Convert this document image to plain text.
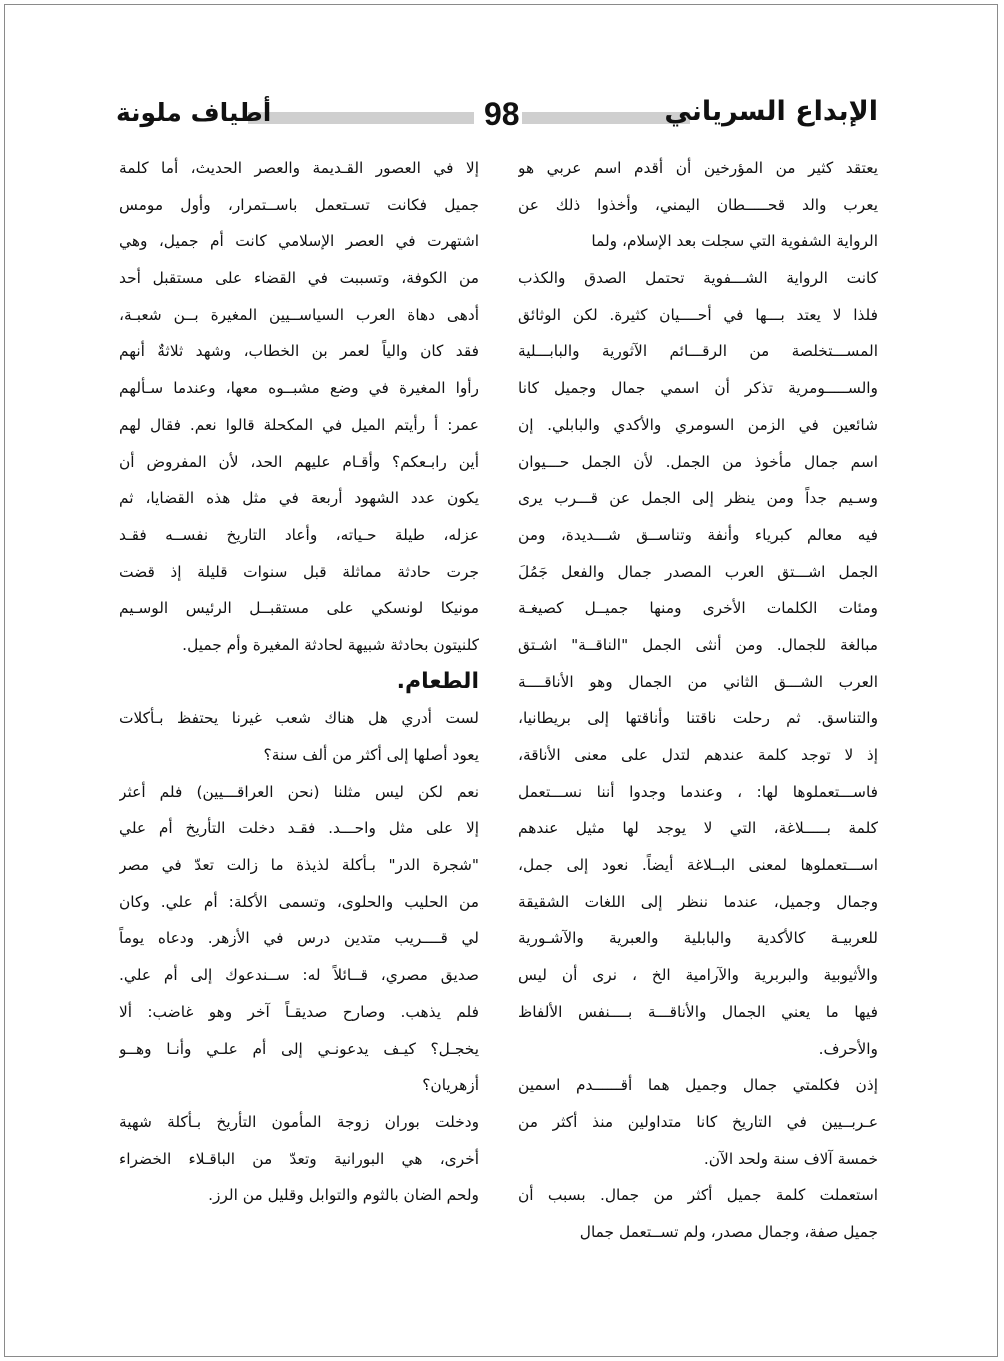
الإبداع السرياني
98
أطياف ملونة
يعتقد كثير من المؤرخين أن أقدم اسم عربي هو
يعرب والد قحـــــطان اليمني، وأخذوا ذلك عن
الرواية الشفوية التي سجلت بعد الإسلام، ولما
كانت الرواية الشـــفوية تحتمل الصدق والكذب
فلذا لا يعتد بـــها في أحــــيان كثيرة. لكن الوثائق
المســـتخلصة من الرقـــائم الآثورية والبابـــلية
والســـــومرية تذكر أن اسمي جمال وجميل كانا
شائعين في الزمن السومري والأكدي والبابلي. إن
اسم جمال مأخوذ من الجمل. لأن الجمل حـــيوان
وسـيم جداً ومن ينظر إلى الجمل عن قـــرب يرى
فيه معالم كبرياء وأنفة وتناســق شـــديدة، ومن
الجمل اشـــتق العرب المصدر جمال والفعل جَمُلَ
ومئات الكلمات الأخرى ومنها جميــل كصيغـة
مبالغة للجمال. ومن أنثى الجمل "الناقــة" اشـتق
العرب الشـــق الثاني من الجمال وهو الأناقــــة
والتناسق. ثم رحلت ناقتنا وأناقتها إلى بريطانيا،
إذ لا توجد كلمة عندهم لتدل على معنى الأناقة،
فاســـتعملوها لها: ، وعندما وجدوا أننا نســـتعمل
كلمة بـــــلاغة، التي لا يوجد لها مثيل عندهم
اســـتعملوها لمعنى البــلاغة أيضاً. نعود إلى جمل،
وجمال وجميل، عندما ننظر إلى اللغات الشقيقة
للعربيـة كالأكدية والبابلية والعبرية والآشـورية
والأثيوبية والبربرية والآرامية الخ ، نرى أن ليس
فيها ما يعني الجمال والأناقـــة بــــنفس الألفاظ
والأحرف.
إذن فكلمتي جمال وجميل هما أقــــــدم اسمين
عـربــيين في التاريخ كانا متداولين منذ أكثر من
خمسة آلاف سنة ولحد الآن.
استعملت كلمة جميل أكثر من جمال. بسبب أن
جميل صفة، وجمال مصدر، ولم تســتعمل جمال
إلا في العصور القـديمة والعصر الحديث، أما كلمة
جميل فكانت تسـتعمل باســتمرار، وأول مومس
اشتهرت في العصر الإسلامي كانت أم جميل، وهي
من الكوفة، وتسببت في القضاء على مستقبل أحد
أدهى دهاة العرب السياســيين المغيرة بــن شعبـة،
فقد كان والياً لعمر بن الخطاب، وشهد ثلاثةٌ أنهم
رأوا المغيرة في وضع مشبــوه معها، وعندما سـألهم
عمر: أ رأيتم الميل في المكحلة قالوا نعم. فقال لهم
أين رابـعكم؟ وأقـام عليهم الحد، لأن المفروض أن
يكون عدد الشهود أربعة في مثل هذه القضايا، ثم
عزله، طيلة حـياته، وأعاد التاريخ نفســه فقـد
جرت حادثة مماثلة قبل سنوات قليلة إذ قضت
مونيكا لونسكي على مستقبــل الرئيس الوسـيم
كلنيتون بحادثة شبيهة لحادثة المغيرة وأم جميل.
الطعام.
لست أدري هل هناك شعب غيرنا يحتفظ بـأكلات
يعود أصلها إلى أكثر من ألف سنة؟
نعم لكن ليس مثلنا (نحن العراقـــيين) فلم أعثر
إلا على مثل واحـــد. فقـد دخلت التأريخ أم علي
"شجرة الدر" بـأكلة لذيذة ما زالت تعدّ في مصر
من الحليب والحلوى، وتسمى الأكلة: أم علي. وكان
لي قــــريب متدين درس في الأزهر. ودعاه يوماً
صديق مصري، قــائلاً له: ســندعوك إلى أم علي.
فلم يذهب. وصارح صديقـاً آخر وهو غاضب: ألا
يخجـل؟ كيـف يدعونـي إلى أم علـي وأنـا وهــو
أزهريان؟
ودخلت بوران زوجة المأمون التأريخ بـأكلة شهية
أخرى، هي البورانية وتعدّ من الباقـلاء الخضراء
ولحم الضان بالثوم والتوابل وقليل من الرز.
